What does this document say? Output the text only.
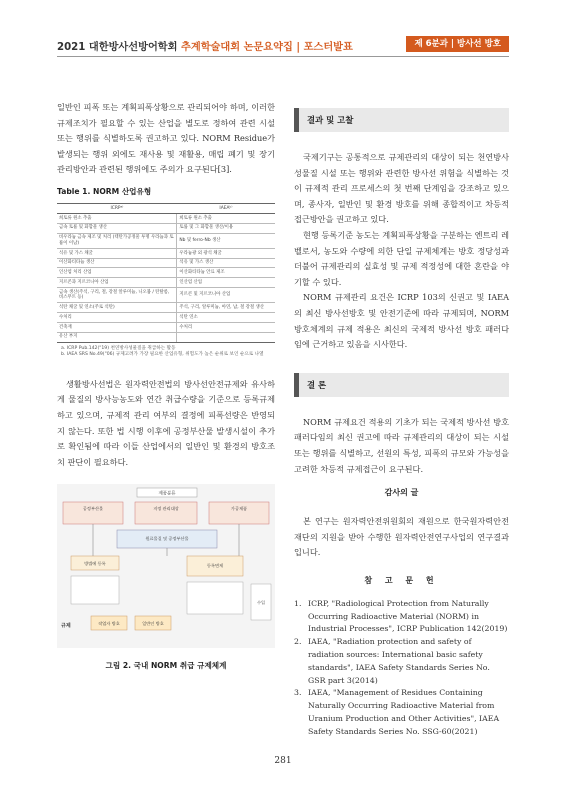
2021 대한방사선방어학회 추계학술대회 논문요약집 | 포스터발표	제 6분과 | 방사선 방호

일반인 피폭 또는 계획피폭상황으로 관리되어야 하며, 이러한 규제조치가 필요할 수 있는 산업을 별도로 정하여 관련 시설 또는 행위를 식별하도록 권고하고 있다. NORM Residue가 발생되는 행위 외에도 재사용 및 재활용, 매립 폐기 및 장기 관리방안과 관련된 행위에도 주의가 요구된다[3].

Table 1. NORM 산업유형
ICRPᵃ⁾	IAEAᵇ⁾
희토류 원소 추출	희토류 원소 추출
금속 토륨 및 화합물 생산	토륨 및 그 화합물 생산/이용
비우라늄 금속 제조 및 처리 (텍탄가공정물 투명 우라늄과 토륨이 이남)	Nb 및 ferro-Nb 생산
석유 및 가스 채굴	우라늄광 외 광석 채굴
이산화티타늄 생산	석유 및 가스 생산
인산염 처리 산업	이산화티타늄 안료 제조
지르콘과 지르코니아 산업	인산염 산업
금속 생산(주석, 구리, 철, 강철 알루미늄, 니오븀 / 탄탈룸, 비스무트 등)	지르콘 및 지르코니아 산업
석탄 채굴 및 연소(주로 석탄)	주석, 구리, 알루미늄, 아연, 납, 철 강철 생산
수처리	석탄 연소
건축재	수처리
유산 부지	
a. ICRP Pub.142("19) 천연방사성물질을 취급하는 활동
b. IAEA SRS No.49("06) 규제고려가 가장 필요한 산업유형, 위험도가 높은 순위로 보인 순으로 나열

생활방사선법은 원자력안전법의 방사선안전규제와 유사하게 물질의 방사능농도와 연간 취급수량을 기준으로 등록규제하고 있으며, 규제적 관리 여부의 결정에 피폭선량은 반영되지 않는다. 또한 법 시행 이후에 공정부산물 발생시설이 추가로 확인됨에 따라 이들 산업에서의 일반인 및 환경의 방호조치 판단이 필요하다.

제품분류
공정부산물	지정 관리대상	가공제품
원료물질 및 공정부산물
방법에 등록	등록면제
작업자 방호	일반인 방호
수입
규제
그림 2. 국내 NORM 취급 규제체계
결과 및 고찰

국제기구는 공통적으로 규제관리의 대상이 되는 천연방사성물질 시설 또는 행위와 관련한 방사선 위험을 식별하는 것이 규제적 관리 프로세스의 첫 번째 단계임을 강조하고 있으며, 종사자, 일반인 및 환경 방호를 위해 종합적이고 차등적 접근방안을 권고하고 있다.

현행 등록기준 농도는 계획피폭상황을 구분하는 엔트리 레벨로서, 농도와 수량에 의한 단일 규제체계는 방호 정당성과 더불어 규제관리의 실효성 및 규제 적정성에 대한 혼란을 야기할 수 있다.

NORM 규제관리 요건은 ICRP 103의 신권고 및 IAEA의 최신 방사선방호 및 안전기준에 따라 규제되며, NORM 방호체계의 규제 적용은 최신의 국제적 방사선 방호 패러다임에 근거하고 있음을 시사한다.

결 론

NORM 규제요건 적용의 기초가 되는 국제적 방사선 방호 패러다임의 최신 권고에 따라 규제관리의 대상이 되는 시설 또는 행위를 식별하고, 선원의 특성, 피폭의 규모와 가능성을 고려한 차등적 규제접근이 요구된다.

감사의 글

본 연구는 원자력안전위원회의 재원으로 한국원자력안전재단의 지원을 받아 수행한 원자력안전연구사업의 연구결과입니다.

참 고 문 헌
1. ICRP, "Radiological Protection from Naturally Occurring Radioactive Material (NORM) in Industrial Processes", ICRP Publication 142(2019)
2. IAEA, "Radiation protection and safety of radiation sources: International basic safety standards", IAEA Safety Standards Series No. GSR part 3(2014)
3. IAEA, "Management of Residues Containing Naturally Occurring Radioactive Material from Uranium Production and Other Activities", IAEA Safety Standards Series No. SSG-60(2021)
281
